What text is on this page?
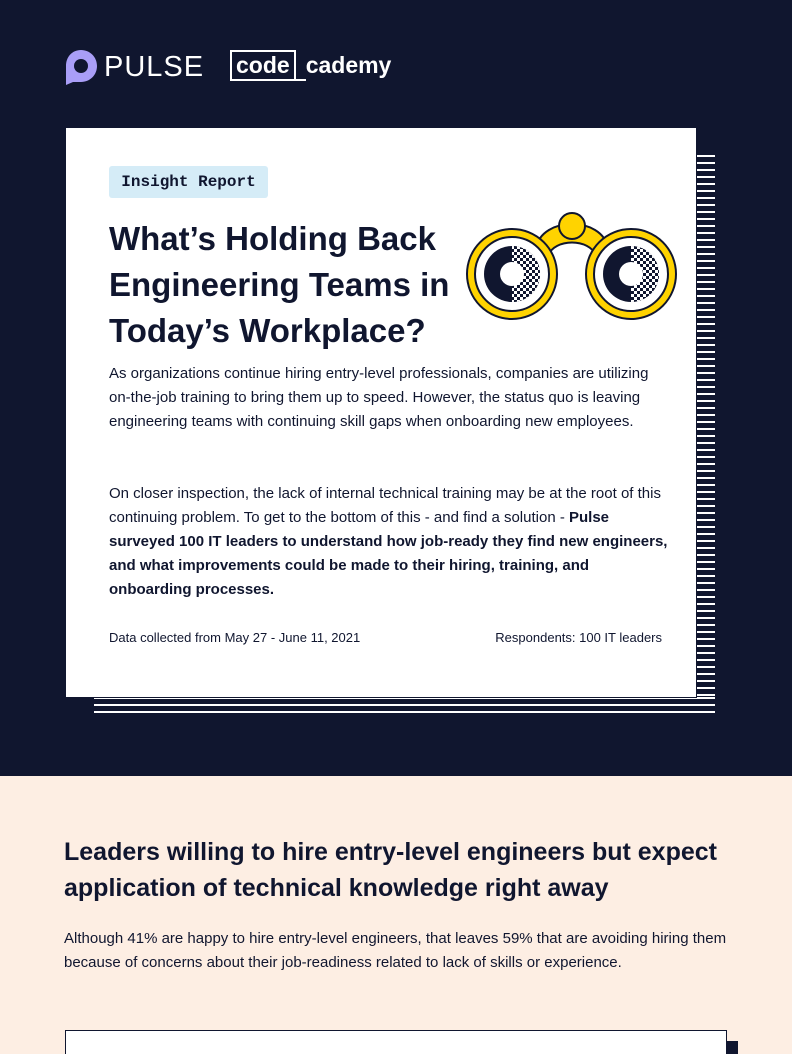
PULSE code cademy
Insight Report
What’s Holding Back Engineering Teams in Today’s Workplace?

As organizations continue hiring entry-level professionals, companies are utilizing on-the-job training to bring them up to speed. However, the status quo is leaving engineering teams with continuing skill gaps when onboarding new employees.

On closer inspection, the lack of internal technical training may be at the root of this continuing problem. To get to the bottom of this - and find a solution - Pulse surveyed 100 IT leaders to understand how job-ready they find new engineers, and what improvements could be made to their hiring, training, and onboarding processes.

Data collected from May 27 - June 11, 2021	Respondents: 100 IT leaders
Leaders willing to hire entry-level engineers but expect application of technical knowledge right away

Although 41% are happy to hire entry-level engineers, that leaves 59% that are avoiding hiring them because of concerns about their job-readiness related to lack of skills or experience.
